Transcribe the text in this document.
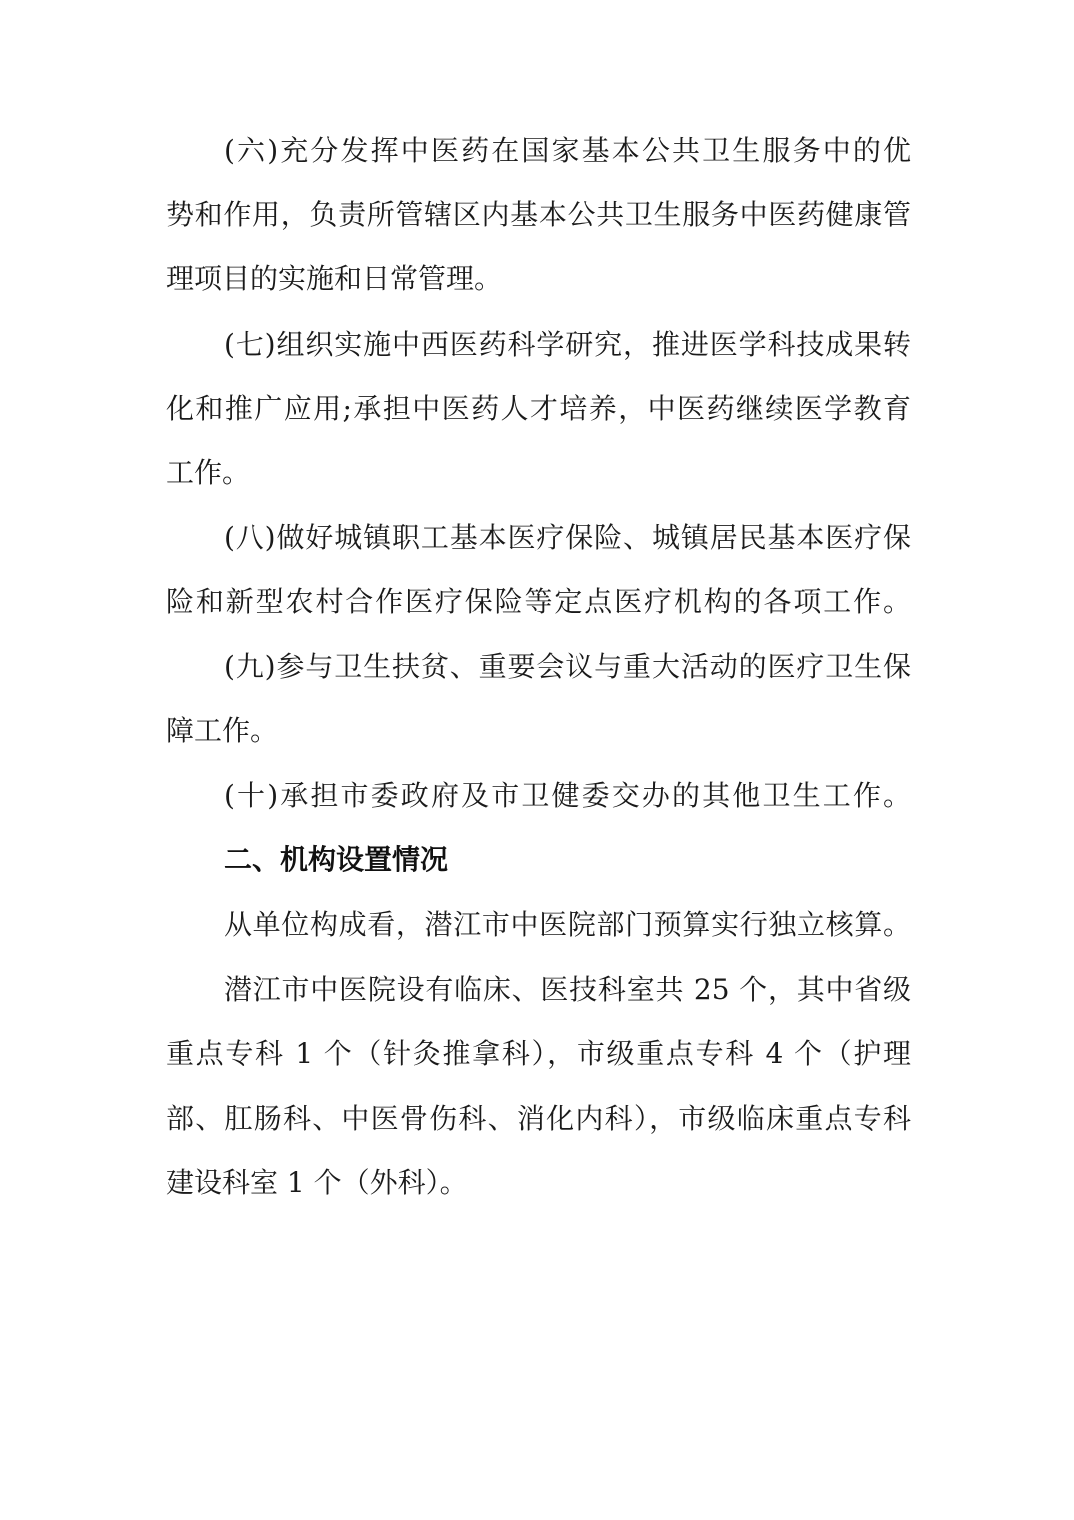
(六)充分发挥中医药在国家基本公共卫生服务中的优
势和作用，负责所管辖区内基本公共卫生服务中医药健康管
理项目的实施和日常管理。
(七)组织实施中西医药科学研究，推进医学科技成果转
化和推广应用;承担中医药人才培养，中医药继续医学教育
工作。
(八)做好城镇职工基本医疗保险、城镇居民基本医疗保
险和新型农村合作医疗保险等定点医疗机构的各项工作。
(九)参与卫生扶贫、重要会议与重大活动的医疗卫生保
障工作。
(十)承担市委政府及市卫健委交办的其他卫生工作。
二、机构设置情况
从单位构成看，潜江市中医院部门预算实行独立核算。
潜江市中医院设有临床、医技科室共 25 个，其中省级
重点专科 1 个（针灸推拿科），市级重点专科 4 个（护理
部、肛肠科、中医骨伤科、消化内科），市级临床重点专科
建设科室 1 个（外科）。
